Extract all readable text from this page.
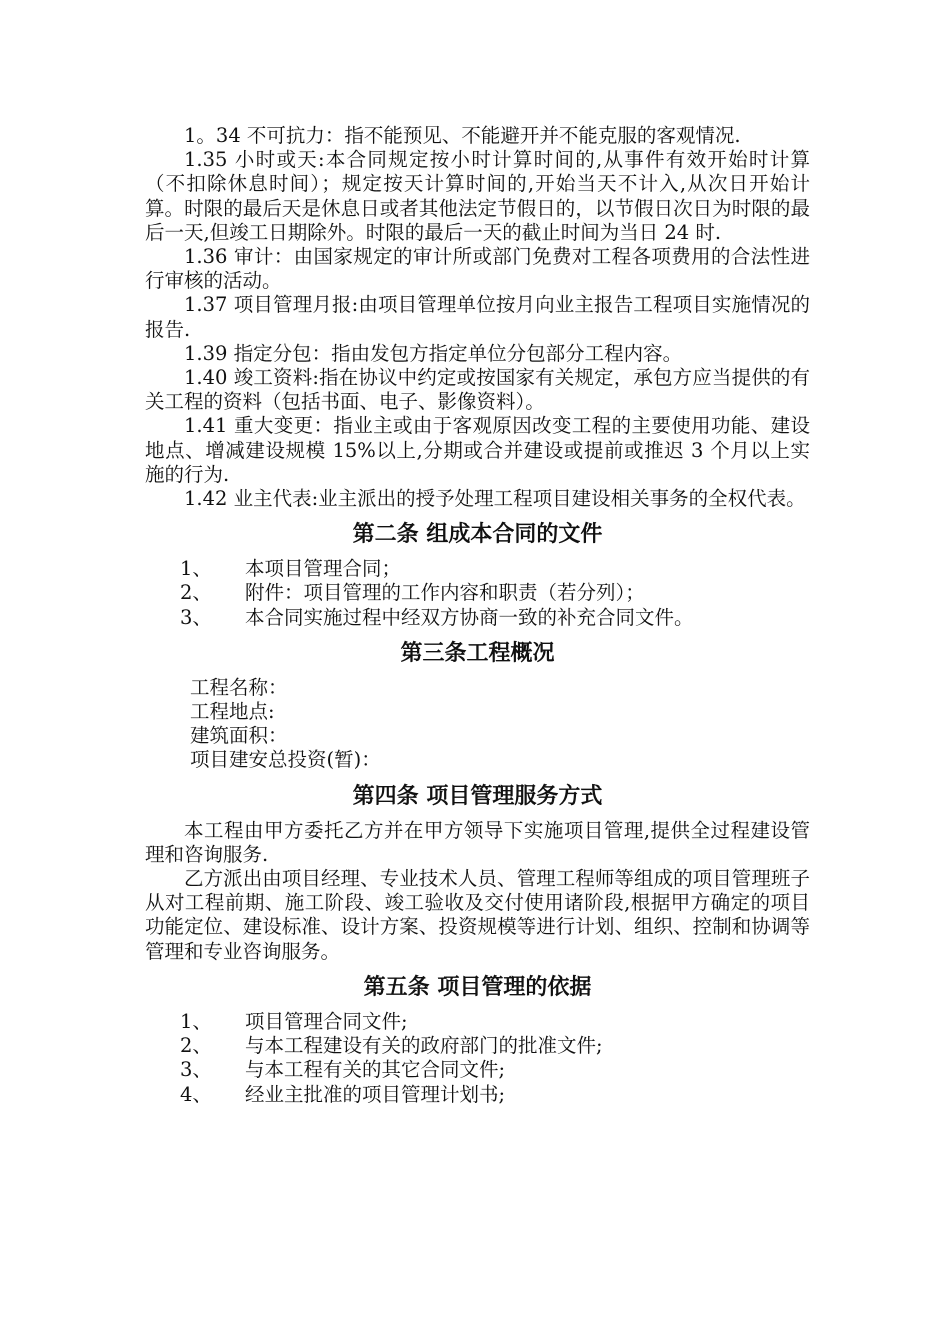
1。34 不可抗力：指不能预见、不能避开并不能克服的客观情况.

1.35 小时或天:本合同规定按小时计算时间的,从事件有效开始时计算（不扣除休息时间）；规定按天计算时间的,开始当天不计入,从次日开始计算。时限的最后天是休息日或者其他法定节假日的，以节假日次日为时限的最后一天,但竣工日期除外。时限的最后一天的截止时间为当日 24 时.

1.36 审计：由国家规定的审计所或部门免费对工程各项费用的合法性进行审核的活动。

1.37 项目管理月报:由项目管理单位按月向业主报告工程项目实施情况的报告.

1.39 指定分包：指由发包方指定单位分包部分工程内容。

1.40 竣工资料:指在协议中约定或按国家有关规定，承包方应当提供的有关工程的资料（包括书面、电子、影像资料）。

1.41 重大变更：指业主或由于客观原因改变工程的主要使用功能、建设地点、增减建设规模 15%以上,分期或合并建设或提前或推迟 3 个月以上实施的行为.

1.42 业主代表:业主派出的授予处理工程项目建设相关事务的全权代表。

第二条 组成本合同的文件
1、	本项目管理合同；
2、	附件：项目管理的工作内容和职责（若分列）；
3、	本合同实施过程中经双方协商一致的补充合同文件。
第三条工程概况

工程名称：

工程地点:

建筑面积：

项目建安总投资(暂)：

第四条 项目管理服务方式

本工程由甲方委托乙方并在甲方领导下实施项目管理,提供全过程建设管理和咨询服务.

乙方派出由项目经理、专业技术人员、管理工程师等组成的项目管理班子从对工程前期、施工阶段、竣工验收及交付使用诸阶段,根据甲方确定的项目功能定位、建设标准、设计方案、投资规模等进行计划、组织、控制和协调等管理和专业咨询服务。

第五条 项目管理的依据
1、	项目管理合同文件;
2、	与本工程建设有关的政府部门的批准文件;
3、	与本工程有关的其它合同文件;
4、	经业主批准的项目管理计划书;
